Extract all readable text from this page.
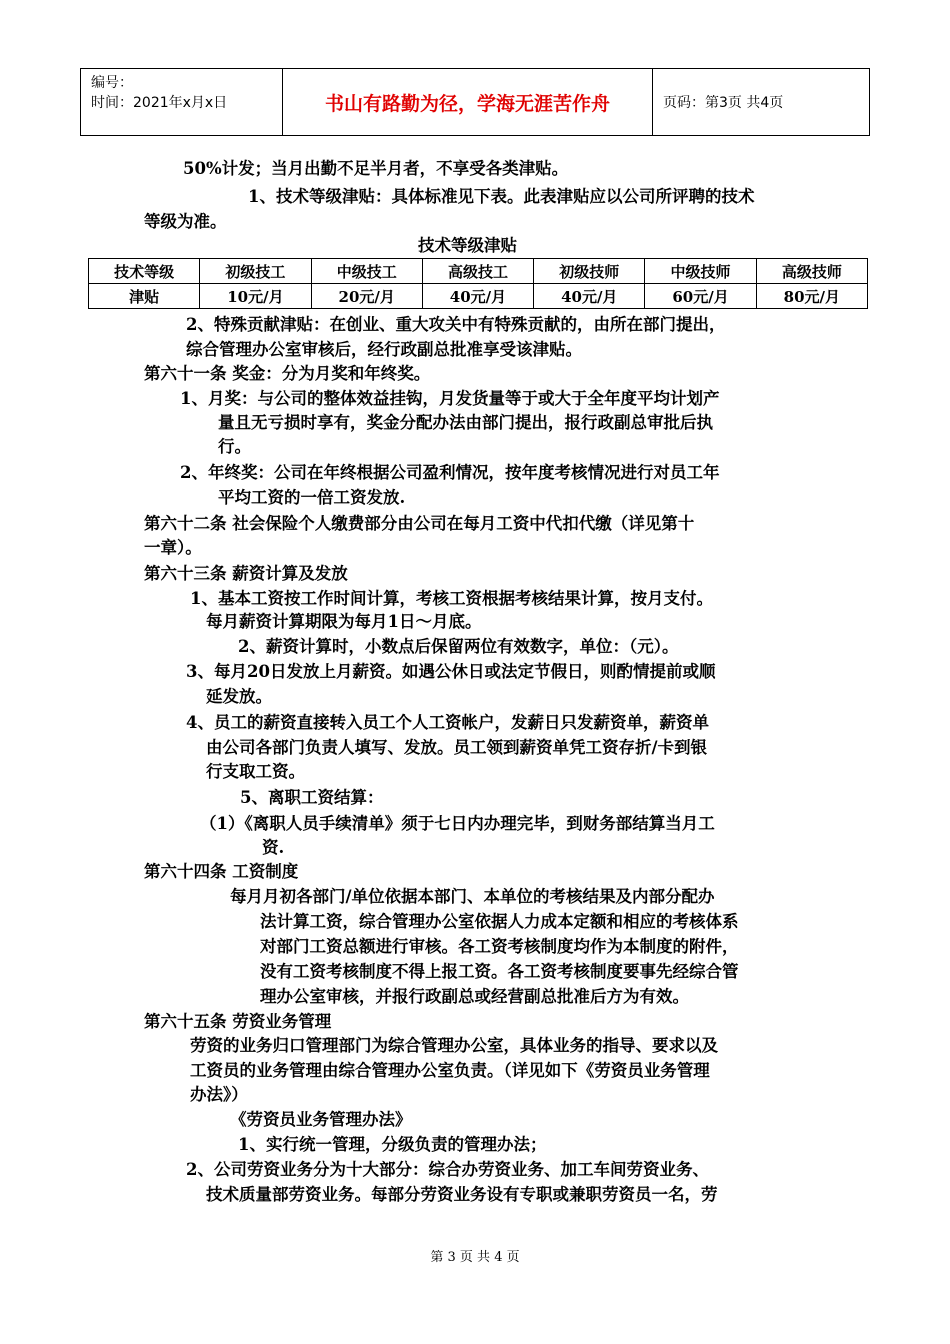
编号：
时间：2021年x月x日	书山有路勤为径，学海无涯苦作舟	页码：第3页 共4页
50%计发；当月出勤不足半月者，不享受各类津贴。
1、技术等级津贴：具体标准见下表。此表津贴应以公司所评聘的技术
等级为准。
技术等级津贴
技术等级	初级技工	中级技工	高级技工	初级技师	中级技师	高级技师
津贴	10元/月	20元/月	40元/月	40元/月	60元/月	80元/月
2、特殊贡献津贴：在创业、重大攻关中有特殊贡献的，由所在部门提出，
综合管理办公室审核后，经行政副总批准享受该津贴。
第六十一条 奖金：分为月奖和年终奖。
1、月奖：与公司的整体效益挂钩，月发货量等于或大于全年度平均计划产
量且无亏损时享有，奖金分配办法由部门提出，报行政副总审批后执
行。
2、年终奖：公司在年终根据公司盈利情况，按年度考核情况进行对员工年
平均工资的一倍工资发放.
第六十二条 社会保险个人缴费部分由公司在每月工资中代扣代缴（详见第十
一章）。
第六十三条 薪资计算及发放
1、基本工资按工作时间计算，考核工资根据考核结果计算，按月支付。
每月薪资计算期限为每月1日～月底。
2、薪资计算时，小数点后保留两位有效数字，单位：（元）。
3、每月20日发放上月薪资。如遇公休日或法定节假日，则酌情提前或顺
延发放。
4、员工的薪资直接转入员工个人工资帐户，发薪日只发薪资单，薪资单
由公司各部门负责人填写、发放。员工领到薪资单凭工资存折/卡到银
行支取工资。
5、离职工资结算：
（1）《离职人员手续清单》须于七日内办理完毕，到财务部结算当月工
资.
第六十四条 工资制度
每月月初各部门/单位依据本部门、本单位的考核结果及内部分配办
法计算工资，综合管理办公室依据人力成本定额和相应的考核体系
对部门工资总额进行审核。各工资考核制度均作为本制度的附件，
没有工资考核制度不得上报工资。各工资考核制度要事先经综合管
理办公室审核，并报行政副总或经营副总批准后方为有效。
第六十五条 劳资业务管理
劳资的业务归口管理部门为综合管理办公室，具体业务的指导、要求以及
工资员的业务管理由综合管理办公室负责。（详见如下《劳资员业务管理
办法》）
《劳资员业务管理办法》
1、实行统一管理，分级负责的管理办法；
2、公司劳资业务分为十大部分：综合办劳资业务、加工车间劳资业务、
技术质量部劳资业务。每部分劳资业务设有专职或兼职劳资员一名，劳
第 3 页 共 4 页
